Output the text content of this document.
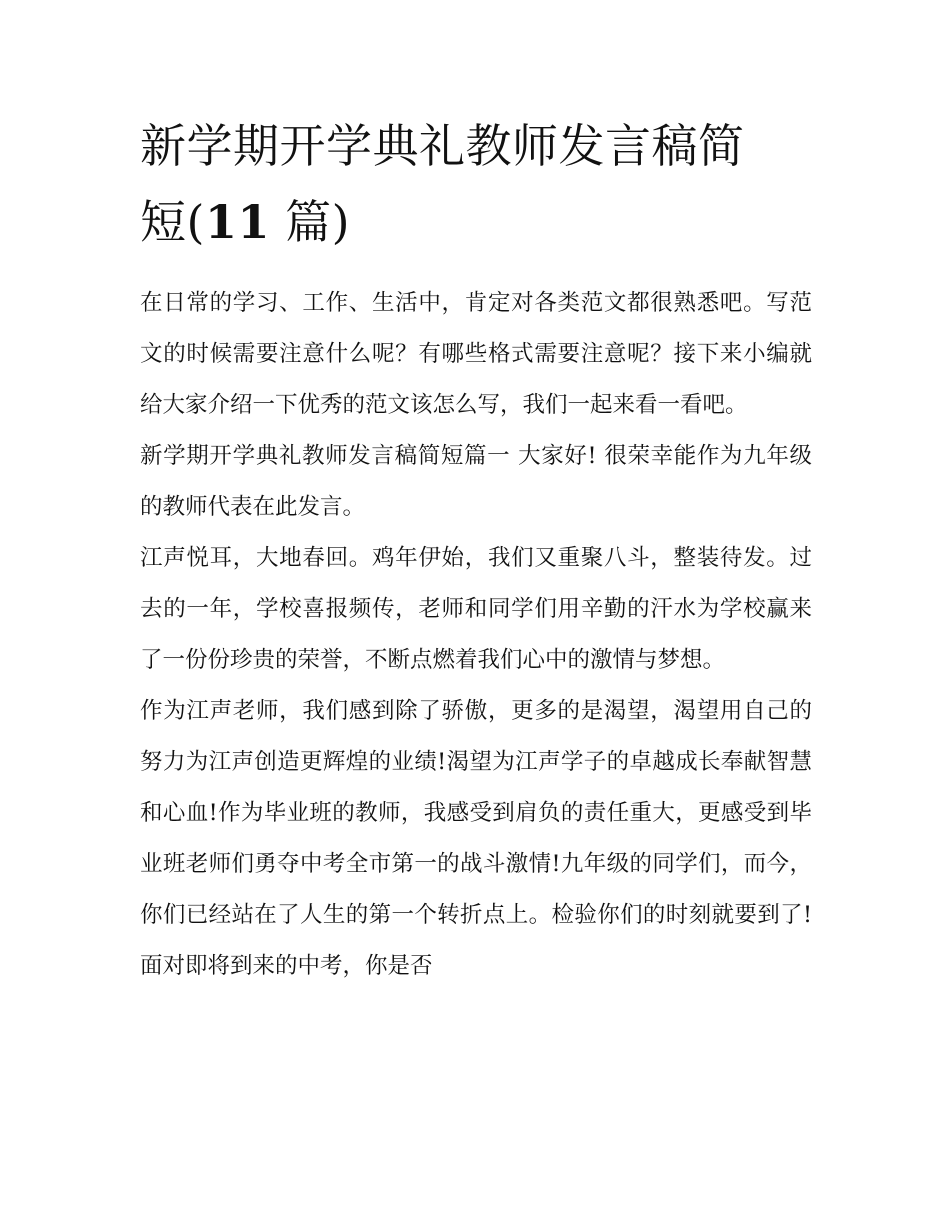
新学期开学典礼教师发言稿简
短(11 篇)

在日常的学习、工作、生活中，肯定对各类范文都很熟悉吧。写范文的时候需要注意什么呢？有哪些格式需要注意呢？接下来小编就给大家介绍一下优秀的范文该怎么写，我们一起来看一看吧。

新学期开学典礼教师发言稿简短篇一 大家好! 很荣幸能作为九年级的教师代表在此发言。

江声悦耳，大地春回。鸡年伊始，我们又重聚八斗，整装待发。过去的一年，学校喜报频传，老师和同学们用辛勤的汗水为学校赢来了一份份珍贵的荣誉，不断点燃着我们心中的激情与梦想。

作为江声老师，我们感到除了骄傲，更多的是渴望，渴望用自己的努力为江声创造更辉煌的业绩!渴望为江声学子的卓越成长奉献智慧和心血!作为毕业班的教师，我感受到肩负的责任重大，更感受到毕业班老师们勇夺中考全市第一的战斗激情!九年级的同学们，而今，你们已经站在了人生的第一个转折点上。检验你们的时刻就要到了!面对即将到来的中考，你是否
